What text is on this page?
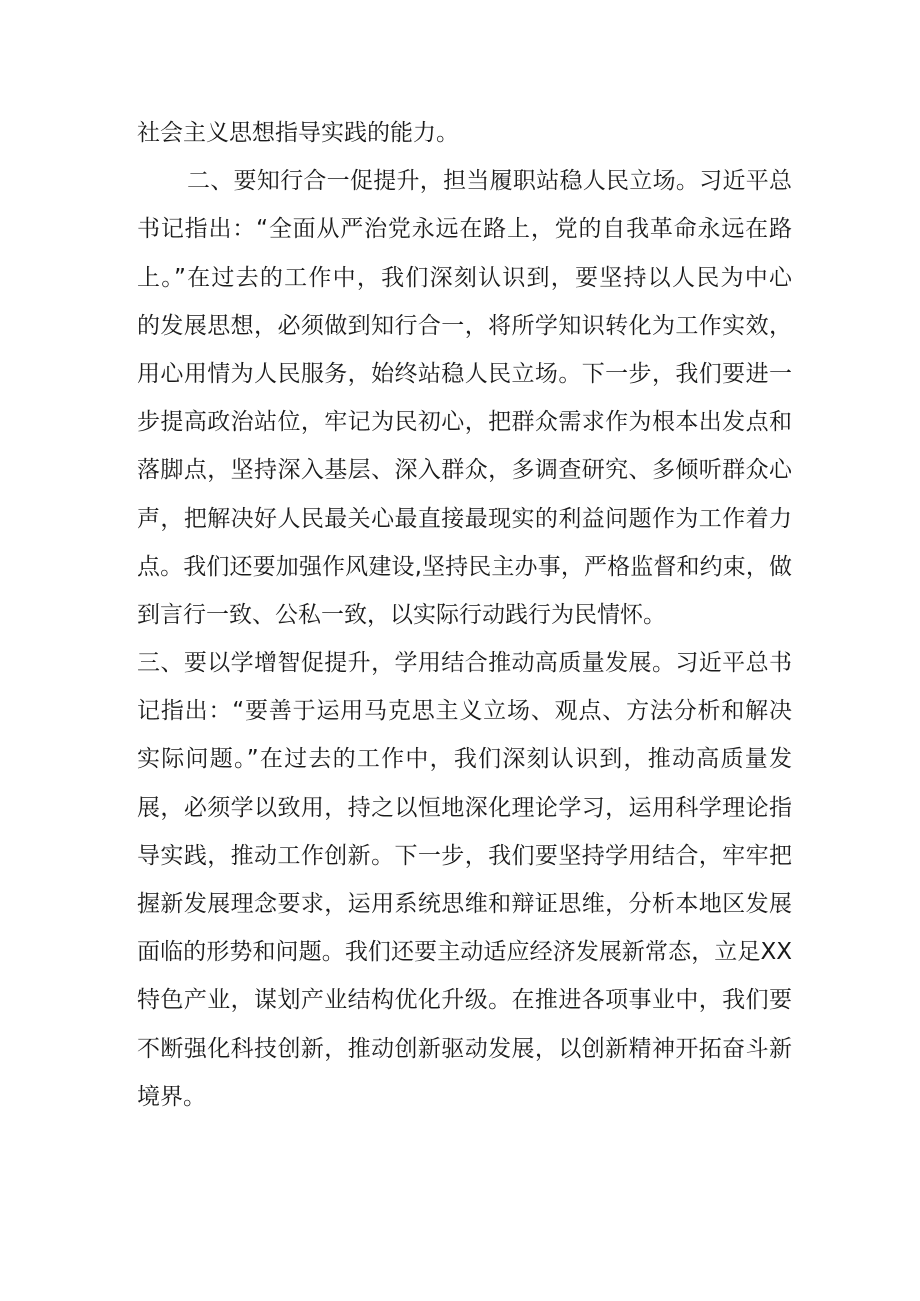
社会主义思想指导实践的能力。
二、要知行合一促提升，担当履职站稳人民立场。习近平总
书记指出：“全面从严治党永远在路上，党的自我革命永远在路
上。”在过去的工作中，我们深刻认识到，要坚持以人民为中心
的发展思想，必须做到知行合一，将所学知识转化为工作实效，
用心用情为人民服务，始终站稳人民立场。下一步，我们要进一
步提高政治站位，牢记为民初心，把群众需求作为根本出发点和
落脚点，坚持深入基层、深入群众，多调查研究、多倾听群众心
声，把解决好人民最关心最直接最现实的利益问题作为工作着力
点。我们还要加强作风建设,坚持民主办事，严格监督和约束，做
到言行一致、公私一致，以实际行动践行为民情怀。
三、要以学增智促提升，学用结合推动高质量发展。习近平总书
记指出：“要善于运用马克思主义立场、观点、方法分析和解决
实际问题。”在过去的工作中，我们深刻认识到，推动高质量发
展，必须学以致用，持之以恒地深化理论学习，运用科学理论指
导实践，推动工作创新。下一步，我们要坚持学用结合，牢牢把
握新发展理念要求，运用系统思维和辩证思维，分析本地区发展
面临的形势和问题。我们还要主动适应经济发展新常态，立足XX
特色产业，谋划产业结构优化升级。在推进各项事业中，我们要
不断强化科技创新，推动创新驱动发展，以创新精神开拓奋斗新
境界。
